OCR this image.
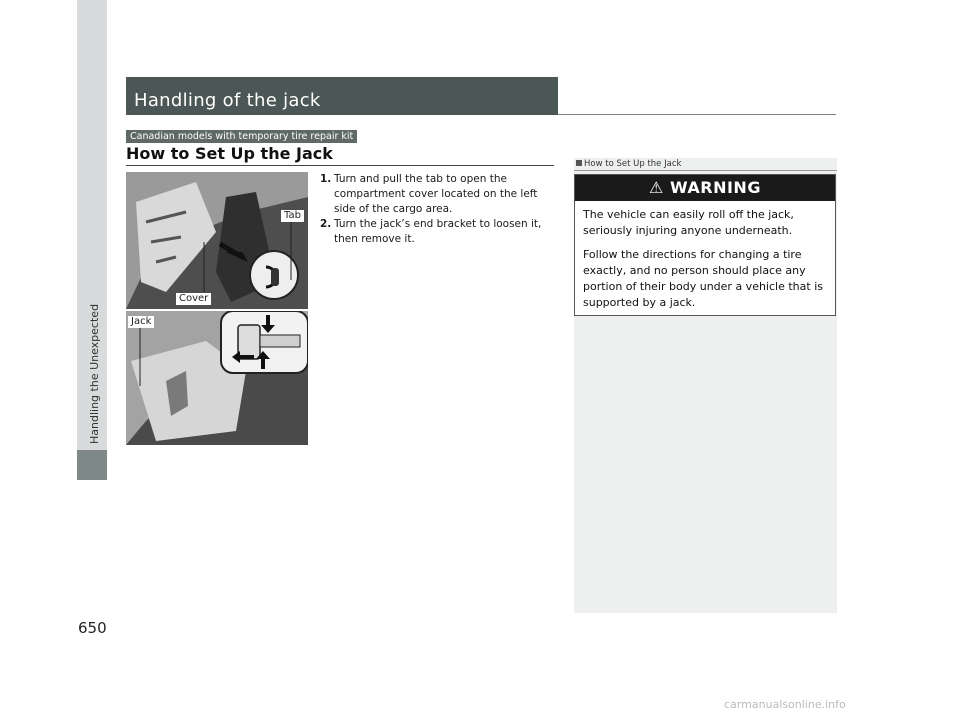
Handling the Unexpected
650
Handling of the jack
Canadian models with temporary tire repair kit
How to Set Up the Jack
Tab
Cover
Jack
1. Turn and pull the tab to open the compartment cover located on the left side of the cargo area.
2. Turn the jack’s end bracket to loosen it, then remove it.
How to Set Up the Jack
⚠ WARNING

The vehicle can easily roll off the jack, seriously injuring anyone underneath.

Follow the directions for changing a tire exactly, and no person should place any portion of their body under a vehicle that is supported by a jack.

carmanualsonline.info
